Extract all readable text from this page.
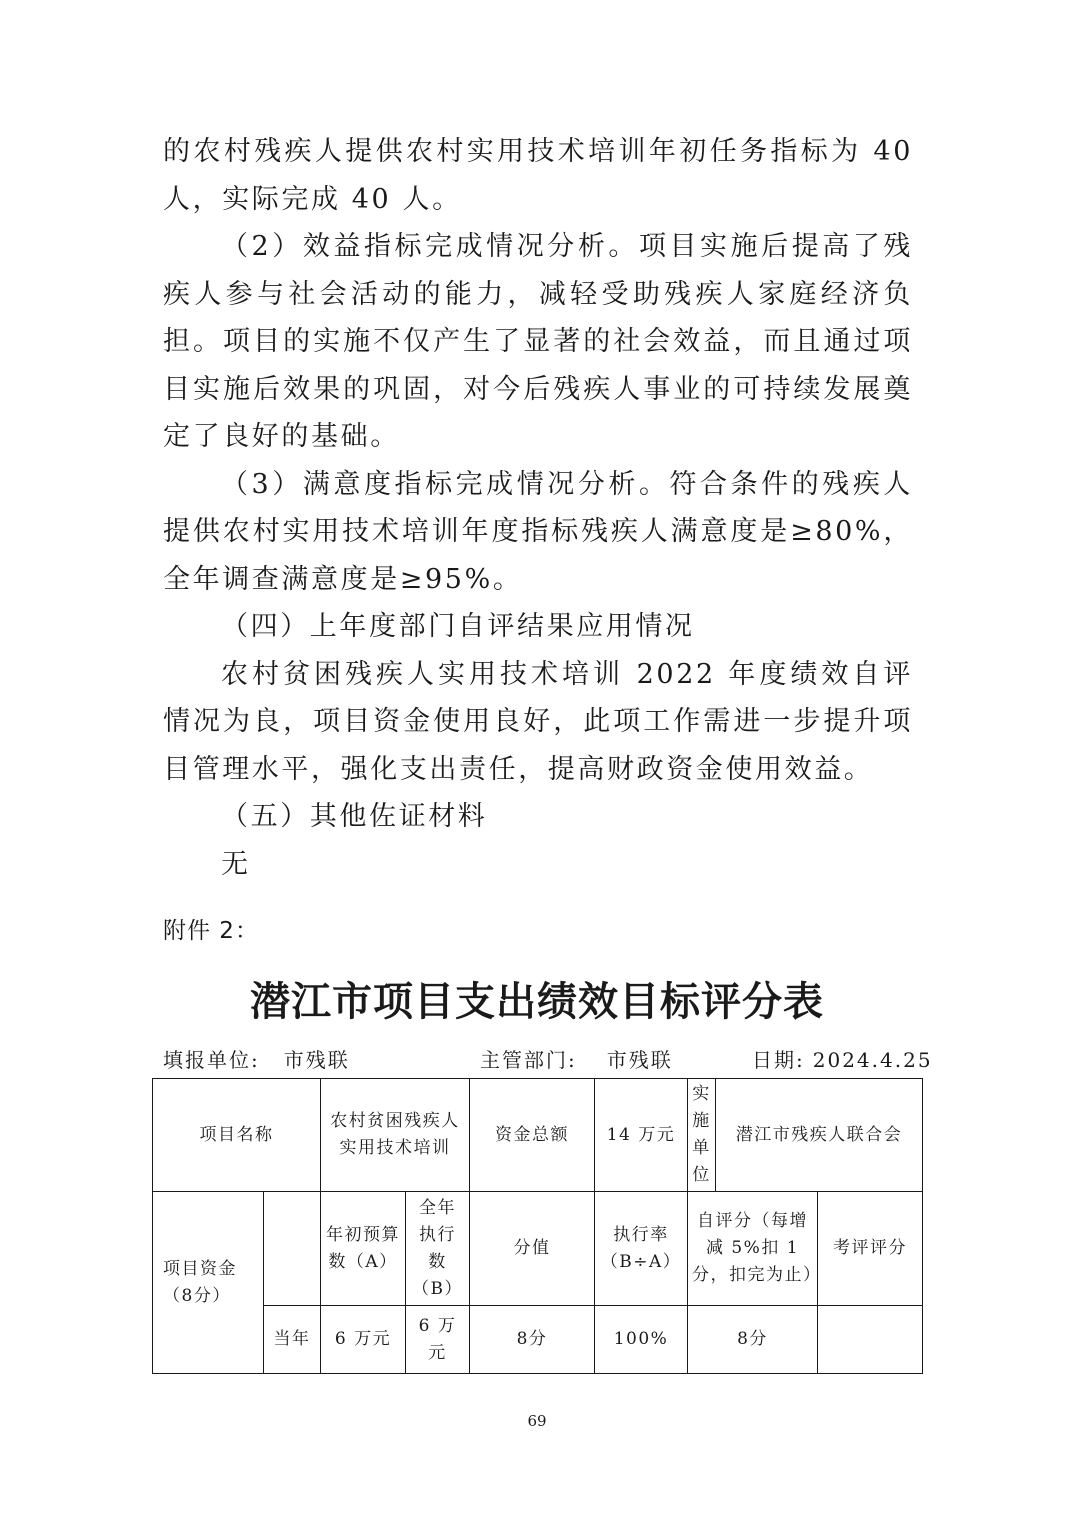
的农村残疾人提供农村实用技术培训年初任务指标为 40 人，实际完成 40 人。

（2）效益指标完成情况分析。项目实施后提高了残疾人参与社会活动的能力，减轻受助残疾人家庭经济负担。项目的实施不仅产生了显著的社会效益，而且通过项目实施后效果的巩固，对今后残疾人事业的可持续发展奠定了良好的基础。

（3）满意度指标完成情况分析。符合条件的残疾人提供农村实用技术培训年度指标残疾人满意度是≥80%，全年调查满意度是≥95%。

（四）上年度部门自评结果应用情况

农村贫困残疾人实用技术培训 2022 年度绩效自评情况为良，项目资金使用良好，此项工作需进一步提升项目管理水平，强化支出责任，提高财政资金使用效益。

（五）其他佐证材料

无

附件 2：
潜江市项目支出绩效目标评分表
填报单位: 市残联	主管部门: 市残联	日期: 2024.4.25
项目名称		农村贫困残疾人实用技术培训		资金总额	14 万元	实施单位	潜江市残疾人联合会	
项目资金（8分）		年初预算数（A）	全年执行数（B）	分值	执行率（B÷A）	自评分（每增减 5%扣 1 分，扣完为止）		考评评分
	当年	6 万元	6 万元	8分	100%	8分		
69
